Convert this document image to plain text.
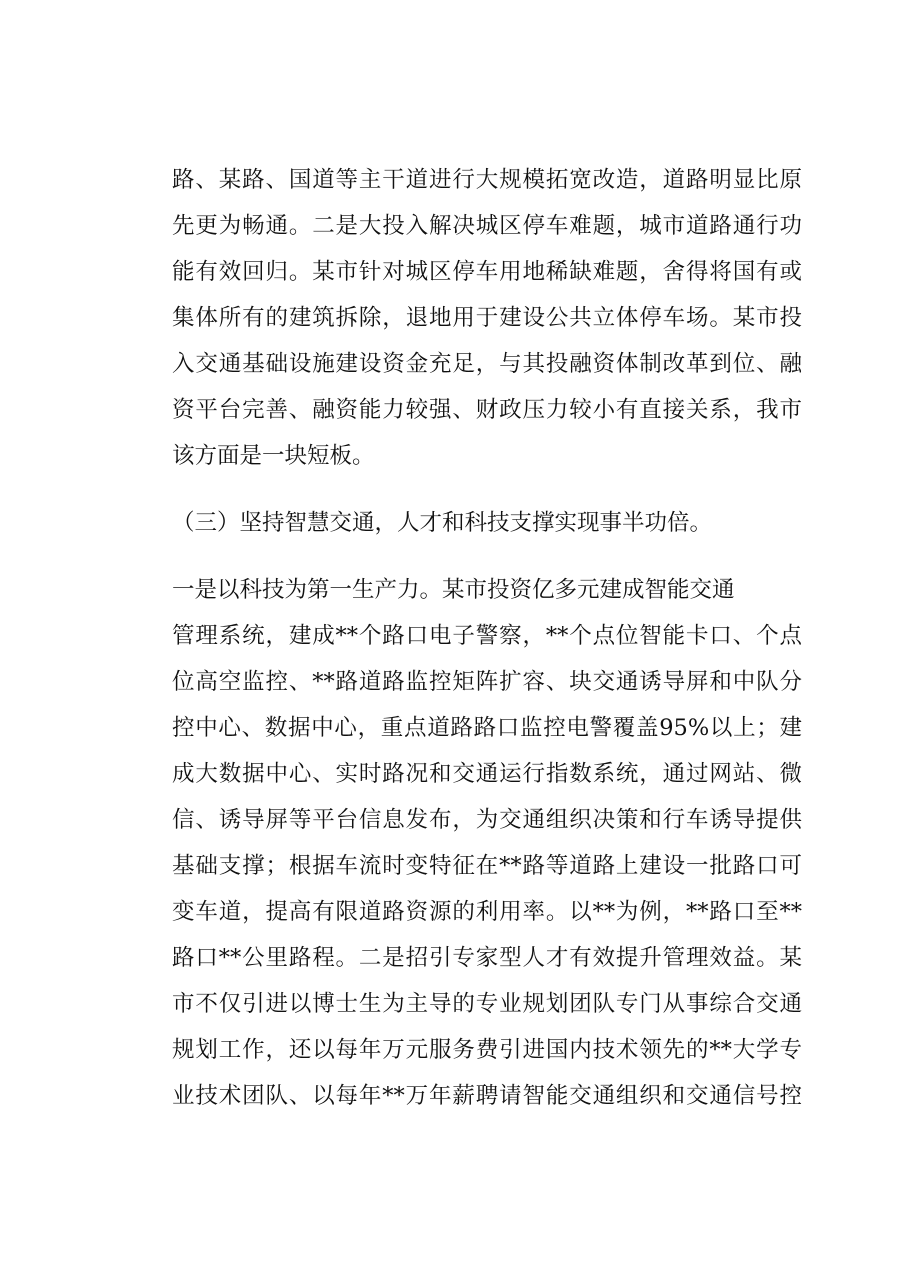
路、某路、国道等主干道进行大规模拓宽改造，道路明显比原
先更为畅通。二是大投入解决城区停车难题，城市道路通行功
能有效回归。某市针对城区停车用地稀缺难题，舍得将国有或
集体所有的建筑拆除，退地用于建设公共立体停车场。某市投
入交通基础设施建设资金充足，与其投融资体制改革到位、融
资平台完善、融资能力较强、财政压力较小有直接关系，我市
该方面是一块短板。
（三）坚持智慧交通，人才和科技支撑实现事半功倍。
一是以科技为第一生产力。某市投资亿多元建成智能交通
管理系统，建成**个路口电子警察，**个点位智能卡口、个点
位高空监控、**路道路监控矩阵扩容、块交通诱导屏和中队分
控中心、数据中心，重点道路路口监控电警覆盖95%以上；建
成大数据中心、实时路况和交通运行指数系统，通过网站、微
信、诱导屏等平台信息发布，为交通组织决策和行车诱导提供
基础支撑；根据车流时变特征在**路等道路上建设一批路口可
变车道，提高有限道路资源的利用率。以**为例，**路口至**
路口**公里路程。二是招引专家型人才有效提升管理效益。某
市不仅引进以博士生为主导的专业规划团队专门从事综合交通
规划工作，还以每年万元服务费引进国内技术领先的**大学专
业技术团队、以每年**万年薪聘请智能交通组织和交通信号控
